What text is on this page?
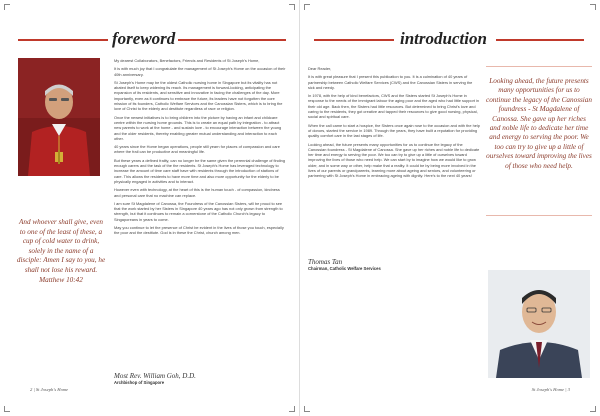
foreword
And whoever shall give, even to one of the least of these, a cup of cold water to drink, solely in the name of a disciple: Amen I say to you, he shall not lose his reward. Matthew 10:42

My dearest Collaborators, Benefactors, Friends and Residents of St Joseph's Home,

It is with much joy that I congratulate the management of St Joseph's Home on the occasion of their 40th anniversary.

St Joseph's Home may be the oldest Catholic nursing home in Singapore but its vitality has not abated itself to keep widening its reach. Its management is forward-looking, anticipating the expansion of its residents, and sensitive and innovative in facing the challenges of the day. More importantly, even as it continues to embrace the future, its leaders have not forgotten the core mission of its founders, Catholic Welfare Services and the Canossian Sisters, which is to bring the love of Christ to the elderly and destitute regardless of race or religion.

Once the newest initiatives is to bring children into the picture by having an infant and childcare centre within the nursing home grounds. This is to create an equal path by integration - to attract new parents to work at the home - and sustain love - to encourage interaction between the young and the older residents, thereby enabling greater mutual understanding and interaction to each other.

40 years since the Home began operations, people still yearn for places of compassion and care where the frail can be productive and meaningful life.

But these years a defined frailty, can no longer be the same given the perennial challenge of finding enough carers and the task of the the residents. St Joseph's Home has leveraged technology to increase the amount of time care staff have with residents through the introduction of stations of care. This allows the residents to have more time and also more opportunity for the elderly to be physically engaged in activities and to interact.

However even with technology, at the heart of this is the human touch - of compassion, kindness and personal care that no machine can replace.

I am sure St Magdalene of Canossa, the Foundress of the Canossian Sisters, will be proud to see that the work started by her Sisters in Singapore 40 years ago has not only grown from strength to strength, but that it continues to remain a cornerstone of the Catholic Church's legacy to Singaporeans in years to come.

May you continue to let the presence of Christ be evident in the lives of those you touch, especially the poor and the destitute. God is in these the Christ, church among men.

Most Rev. William Goh, D.D.
Archbishop of Singapore
2 | St Joseph's Home
introduction

Dear Reader,

It is with great pleasure that I present this publication to you. It is a culmination of 40 years of partnership between Catholic Welfare Services (CWS) and the Canossian Sisters in serving the sick and needy.

In 1978, with the help of kind benefactors, CWS and the Sisters started St Joseph's Home in response to the needs of the immigrant labour the aging poor and the aged who had little support in their old age. Back then, the Sisters had little resources. But determined to bring Christ's love and caring to the residents, they got creative and tapped their resources to give good nursing, physical, social and spiritual care.

When the call came to start a hospice, the Sisters once again rose to the occasion and with the help of donors, started the service in 1989. Through the years, they have built a reputation for providing quality comfort care in the last stages of life.

Looking ahead, the future presents many opportunities for us to continue the legacy of the Canossian foundress - St Magdalene of Canossa. She gave up her riches and noble life to dedicate her time and energy to serving the poor. We too can try to give up a little of ourselves toward improving the lives of those who need help. We can start by to imagine how we would like to grow older, and in some way or other, help make that a reality. It could be by being more involved in the lives of our parents or grandparents, learning more about ageing and seniors, and volunteering or partnering with St Joseph's Home in embracing ageing with dignity. Here's to the next 40 years!

Thomas Tan
Chairman, Catholic Welfare Services
Looking ahead, the future presents many opportunities for us to continue the legacy of the Canossian foundress - St Magdalene of Canossa. She gave up her riches and noble life to dedicate her time and energy to serving the poor. We too can try to give up a little of ourselves toward improving the lives of those who need help.
St Joseph's Home | 3
